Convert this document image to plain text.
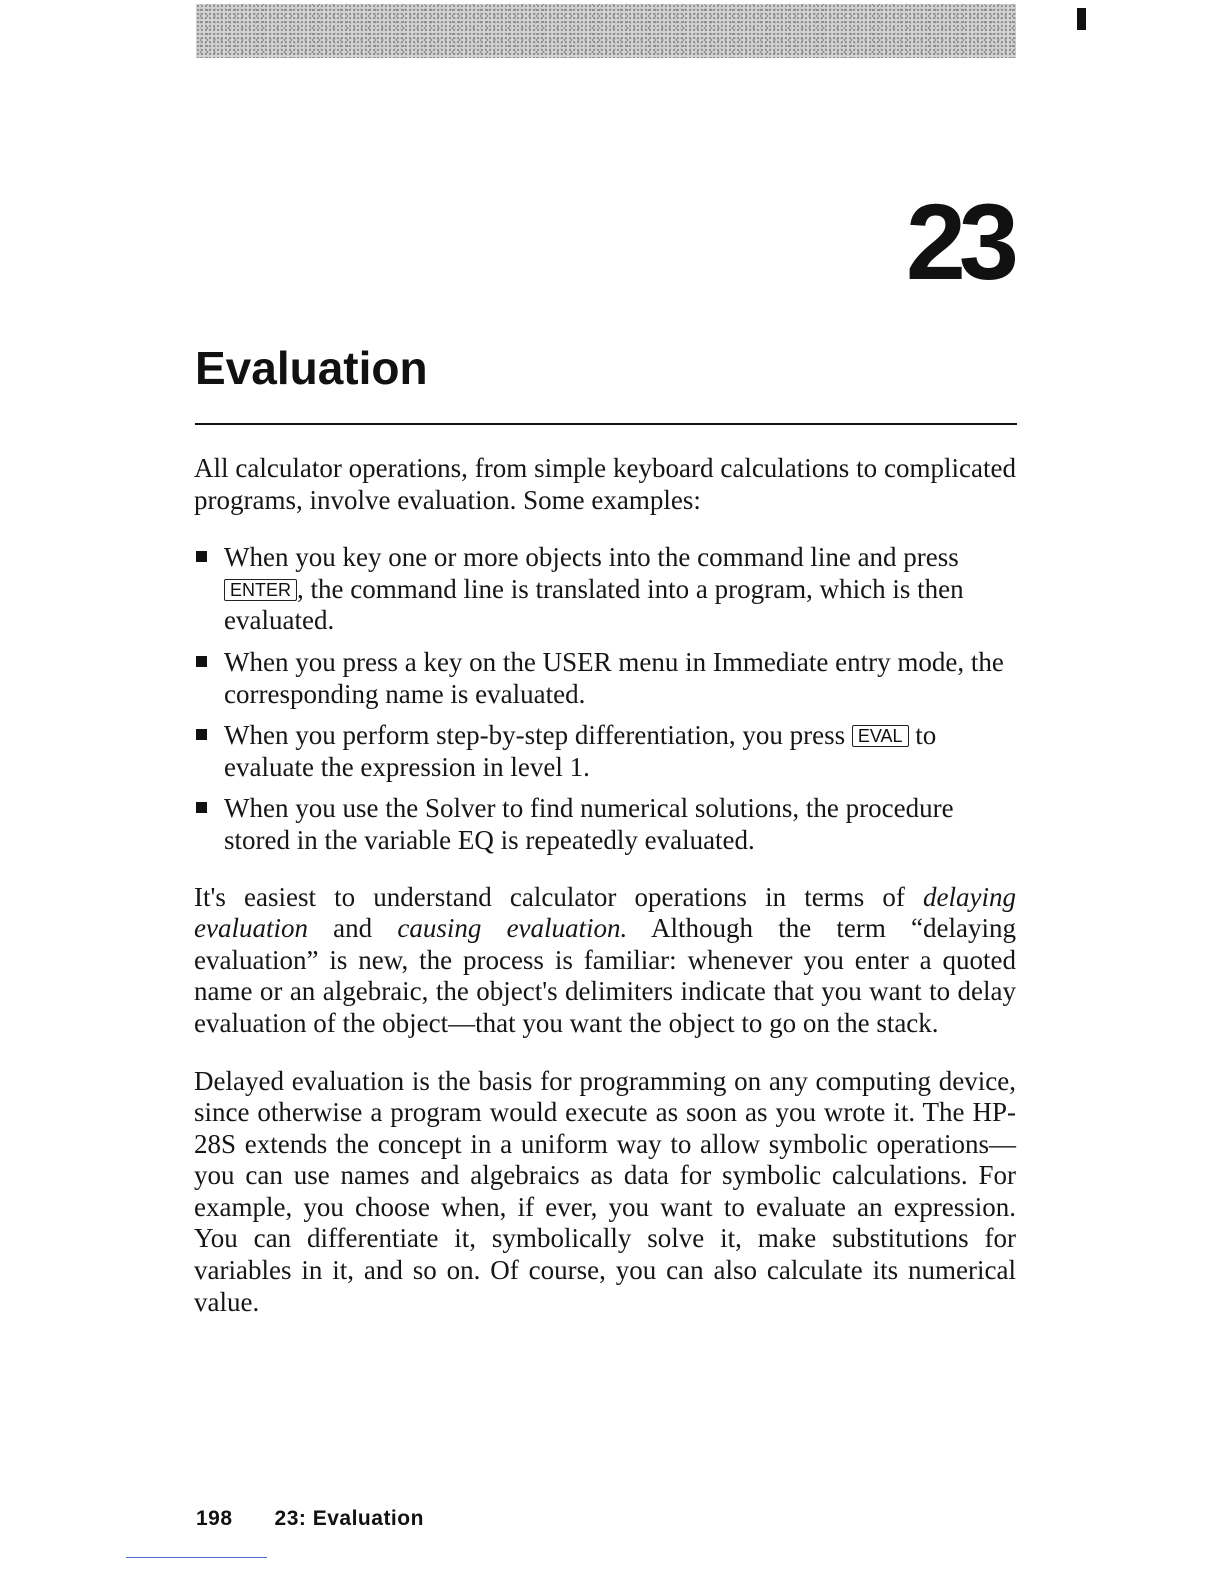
23
Evaluation

All calculator operations, from simple keyboard calculations to complicated programs, involve evaluation. Some examples:

When you key one or more objects into the command line and press ENTER , the command line is translated into a program, which is then evaluated.
When you press a key on the USER menu in Immediate entry mode, the corresponding name is evaluated.
When you perform step-by-step differentiation, you press EVAL to evaluate the expression in level 1.
When you use the Solver to find numerical solutions, the procedure stored in the variable EQ is repeatedly evaluated.

It's easiest to understand calculator operations in terms of delaying evaluation and causing evaluation. Although the term “delaying evaluation” is new, the process is familiar: whenever you enter a quoted name or an algebraic, the object's delimiters indicate that you want to delay evaluation of the object—that you want the object to go on the stack.

Delayed evaluation is the basis for programming on any computing device, since otherwise a program would execute as soon as you wrote it. The HP-28S extends the concept in a uniform way to allow symbolic operations—you can use names and algebraics as data for symbolic calculations. For example, you choose when, if ever, you want to evaluate an expression. You can differentiate it, symbolically solve it, make substitutions for variables in it, and so on. Of course, you can also calculate its numerical value.

198 23: Evaluation
